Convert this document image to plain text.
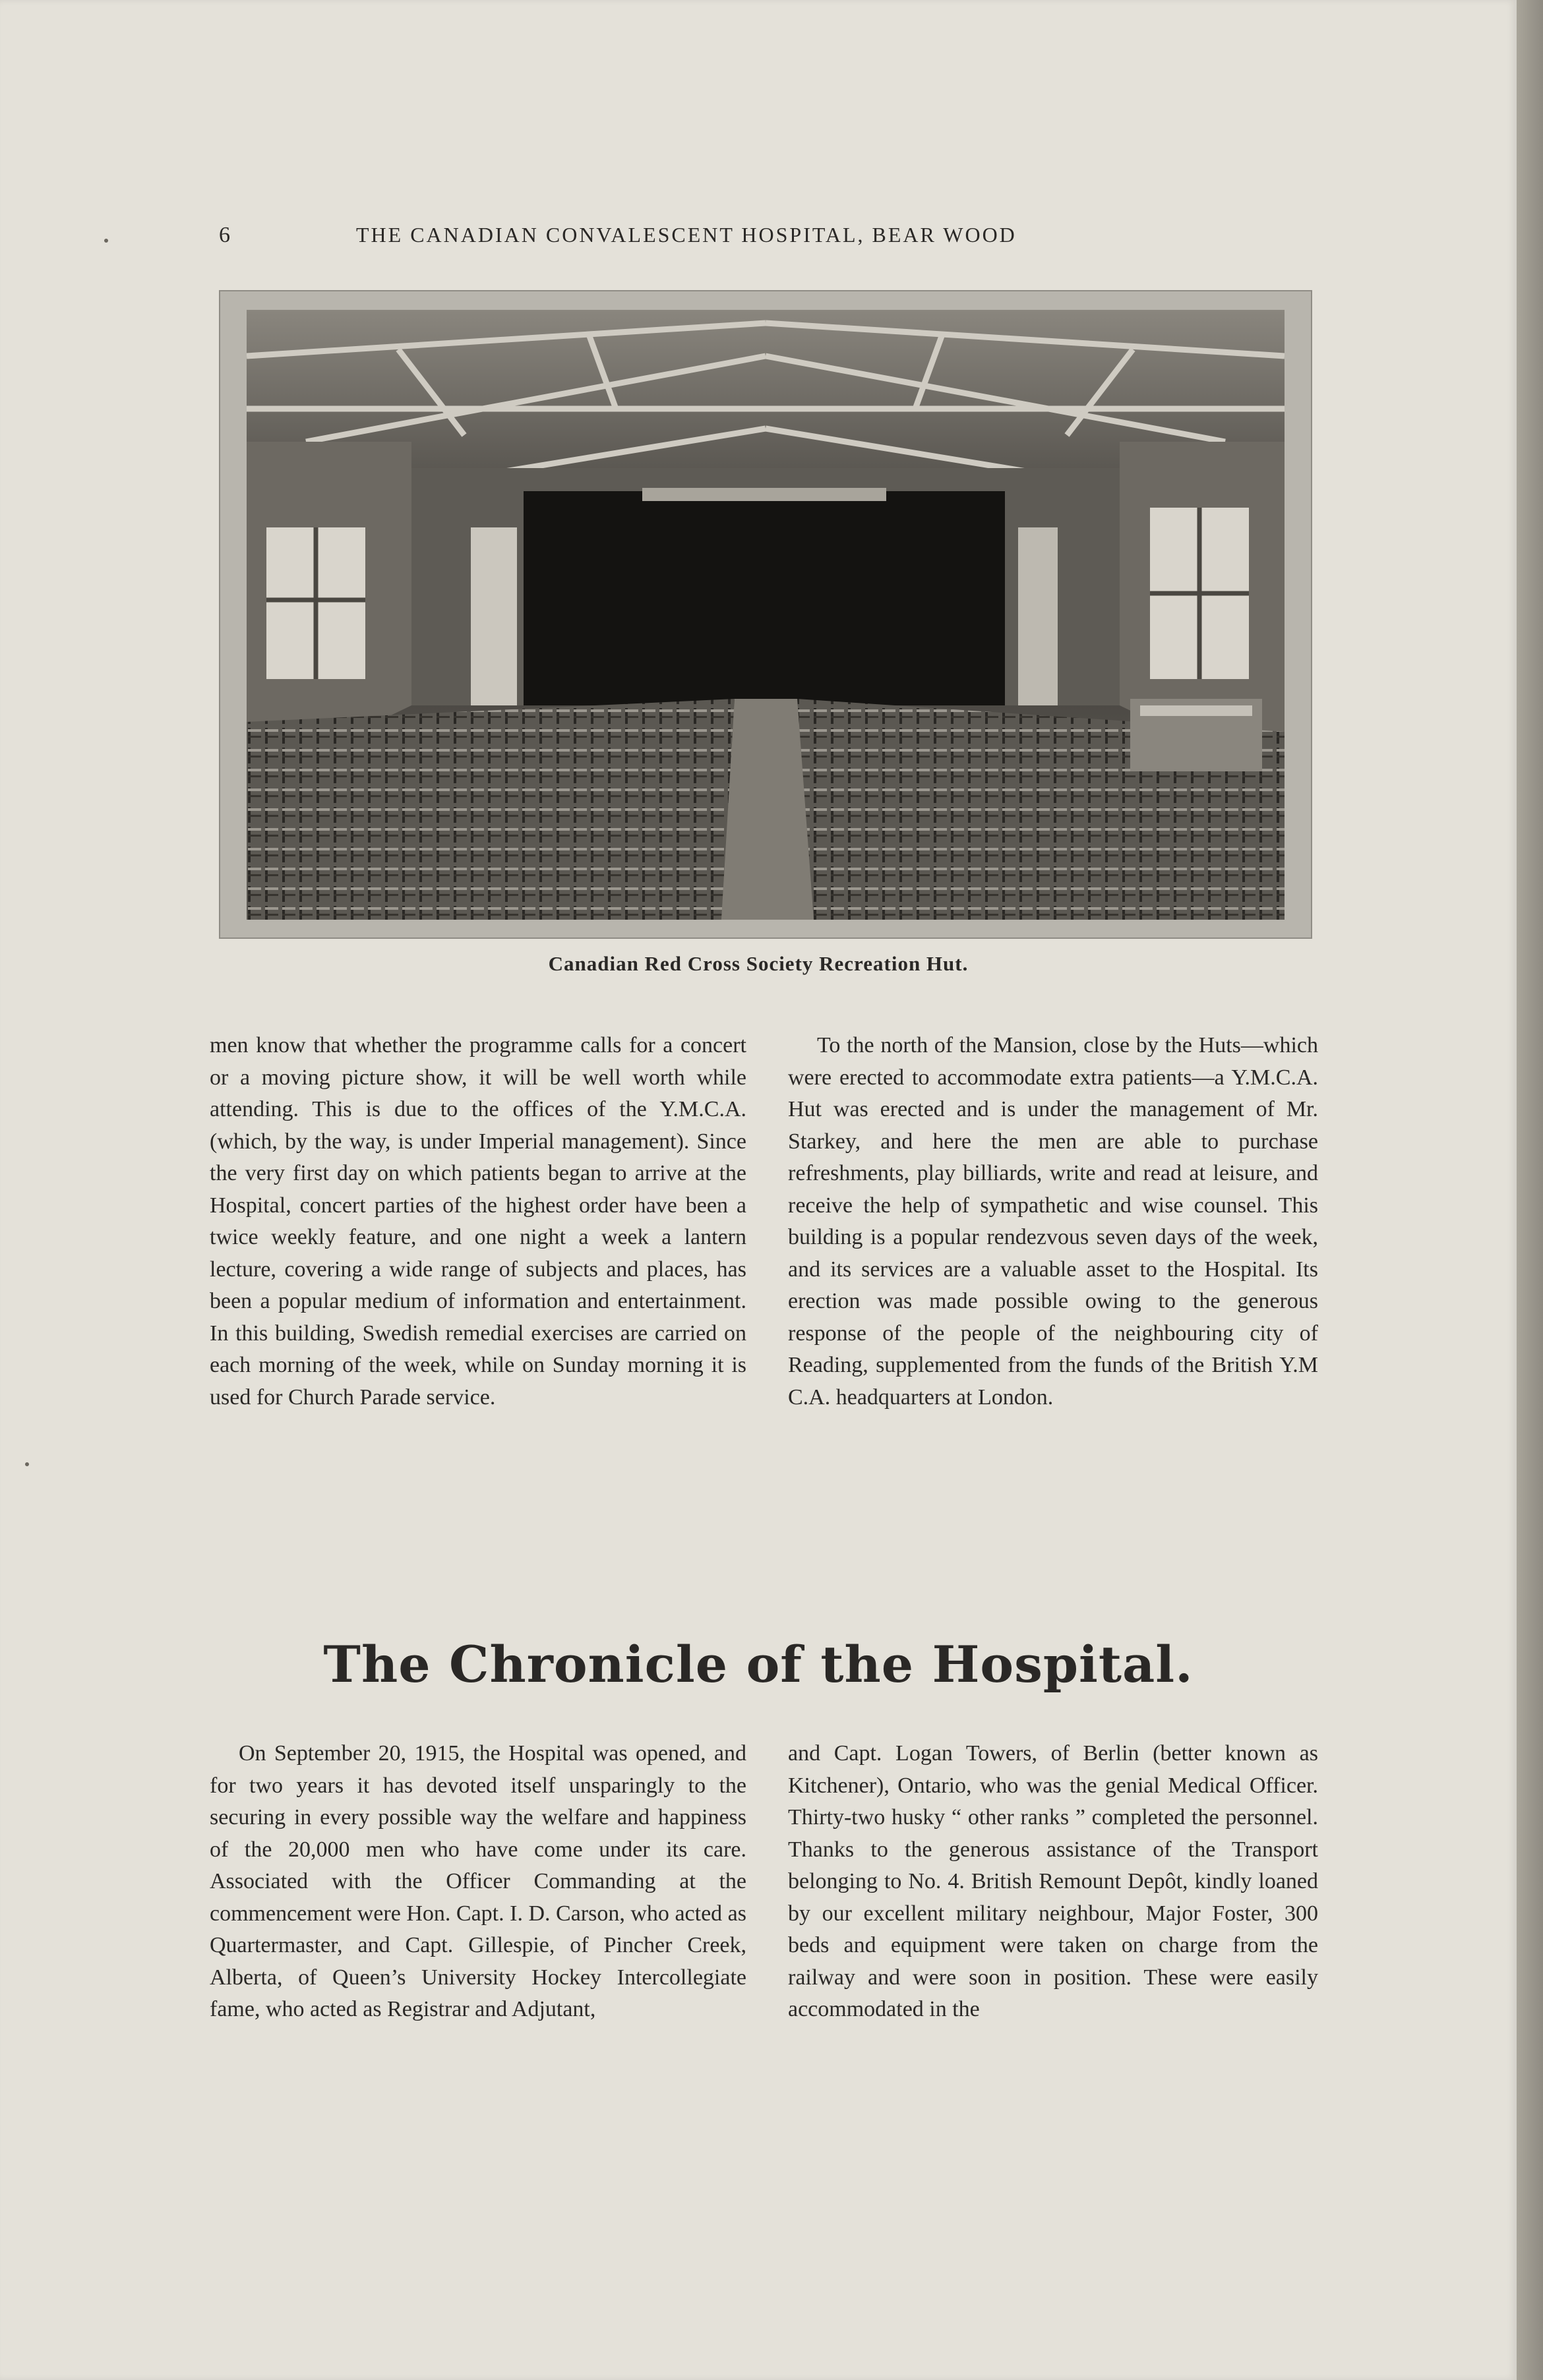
6	THE CANADIAN CONVALESCENT HOSPITAL, BEAR WOOD
Canadian Red Cross Society Recreation Hut.

men know that whether the programme calls for a concert or a moving picture show, it will be well worth while attending. This is due to the offices of the Y.M.C.A. (which, by the way, is under Imperial management). Since the very first day on which patients began to arrive at the Hospital, concert parties of the highest order have been a twice weekly feature, and one night a week a lantern lecture, covering a wide range of subjects and places, has been a popular medium of information and entertainment. In this building, Swedish remedial exercises are carried on each morning of the week, while on Sunday morning it is used for Church Parade service.

To the north of the Mansion, close by the Huts—which were erected to accommodate extra patients—a Y.M.C.A. Hut was erected and is under the management of Mr. Starkey, and here the men are able to purchase refreshments, play billiards, write and read at leisure, and receive the help of sympathetic and wise counsel. This building is a popular rendezvous seven days of the week, and its services are a valuable asset to the Hospital. Its erection was made possible owing to the generous response of the people of the neighbouring city of Reading, supplemented from the funds of the British Y.M C.A. headquarters at London.

The Chronicle of the Hospital.

On September 20, 1915, the Hospital was opened, and for two years it has devoted itself unsparingly to the securing in every possible way the welfare and happiness of the 20,000 men who have come under its care. Associated with the Officer Commanding at the commencement were Hon. Capt. I. D. Carson, who acted as Quartermaster, and Capt. Gillespie, of Pincher Creek, Alberta, of Queen’s University Hockey Intercollegiate fame, who acted as Registrar and Adjutant,

and Capt. Logan Towers, of Berlin (better known as Kitchener), Ontario, who was the genial Medical Officer. Thirty-two husky “ other ranks ” completed the personnel. Thanks to the generous assistance of the Transport belonging to No. 4. British Remount Depôt, kindly loaned by our excellent military neighbour, Major Foster, 300 beds and equipment were taken on charge from the railway and were soon in position. These were easily accommodated in the
